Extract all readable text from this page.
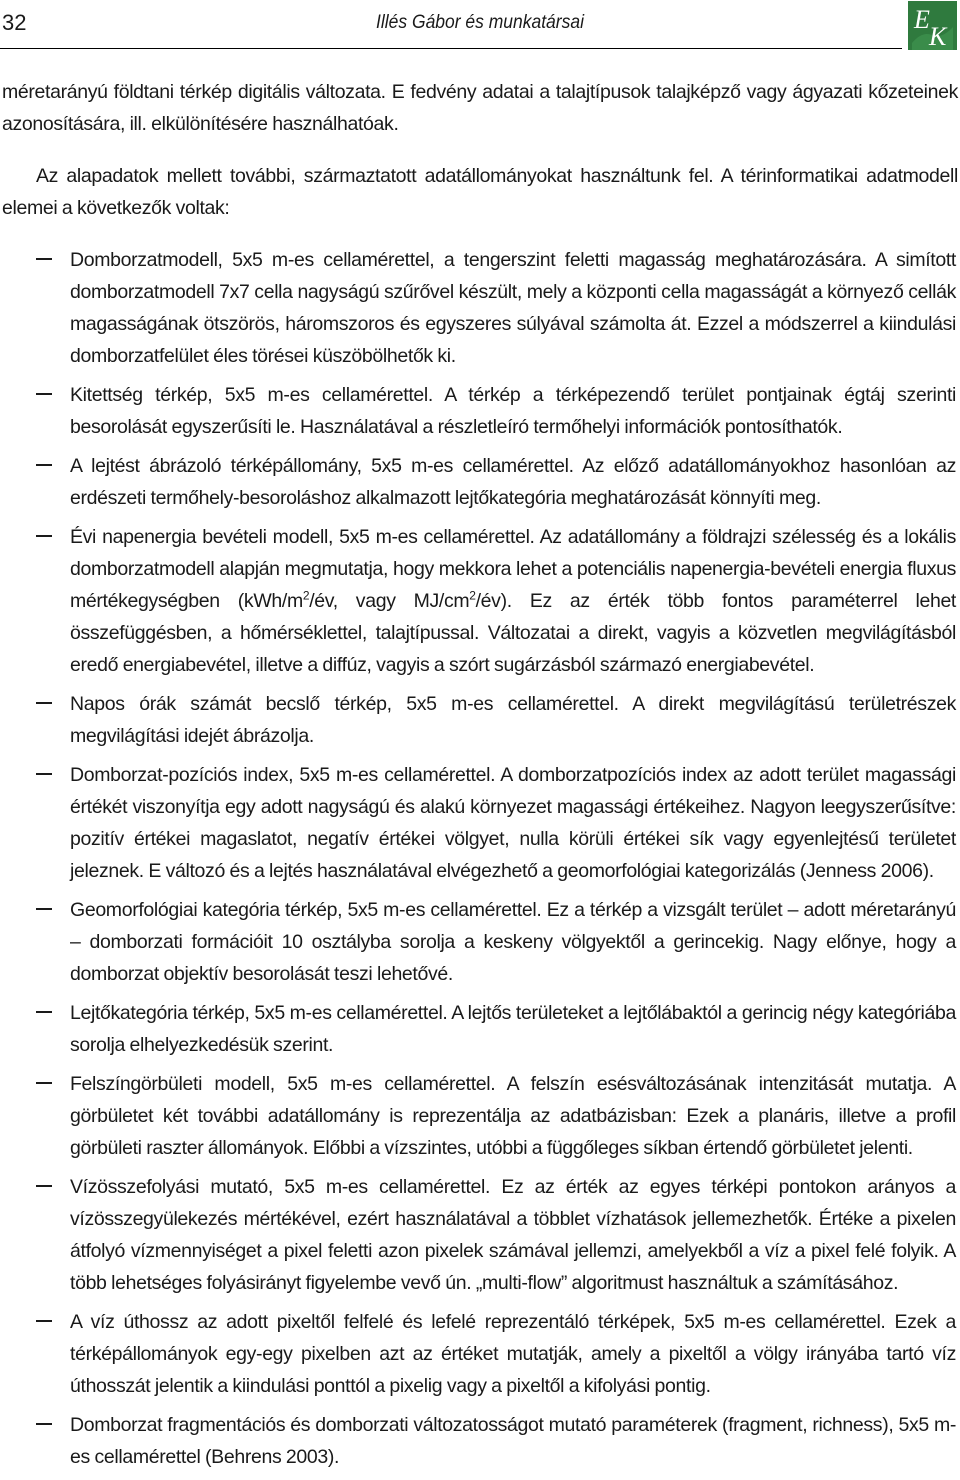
32	Illés Gábor és munkatársai	E
K

méretarányú földtani térkép digitális változata. E fedvény adatai a talajtípusok talajképző vagy ágyazati kőzeteinek azonosítására, ill. elkülönítésére használhatóak.

Az alapadatok mellett további, származtatott adatállományokat használtunk fel. A térinformatikai adatmodell elemei a következők voltak:

Domborzatmodell, 5x5 m-es cellamérettel, a tengerszint feletti magasság meghatározására. A simított domborzatmodell 7x7 cella nagyságú szűrővel készült, mely a központi cella magasságát a környező cellák magasságának ötszörös, háromszoros és egyszeres súlyával számolta át. Ezzel a módszerrel a kiindulási domborzatfelület éles törései küszöbölhetők ki.
Kitettség térkép, 5x5 m-es cellamérettel. A térkép a térképezendő terület pontjainak égtáj szerinti besorolását egyszerűsíti le. Használatával a részletleíró termőhelyi információk pontosíthatók.
A lejtést ábrázoló térképállomány, 5x5 m-es cellamérettel. Az előző adatállományokhoz hasonlóan az erdészeti termőhely-besoroláshoz alkalmazott lejtőkategória meghatározását könnyíti meg.
Évi napenergia bevételi modell, 5x5 m-es cellamérettel. Az adatállomány a földrajzi szélesség és a lokális domborzatmodell alapján megmutatja, hogy mekkora lehet a potenciális napenergia-bevételi energia fluxus mértékegységben ($kWh/m^2/év$, vagy $MJ/cm^2/év$). Ez az érték több fontos paraméterrel lehet összefüggésben, a hőmérséklettel, talajtípussal. Változatai a direkt, vagyis a közvetlen megvilágításból eredő energiabevétel, illetve a diffúz, vagyis a szórt sugárzásból származó energiabevétel.
Napos órák számát becslő térkép, 5x5 m-es cellamérettel. A direkt megvilágítású területrészek megvilágítási idejét ábrázolja.
Domborzat-pozíciós index, 5x5 m-es cellamérettel. A domborzatpozíciós index az adott terület magassági értékét viszonyítja egy adott nagyságú és alakú környezet magassági értékeihez. Nagyon leegyszerűsítve: pozitív értékei magaslatot, negatív értékei völgyet, nulla körüli értékei sík vagy egyenlejtésű területet jeleznek. E változó és a lejtés használatával elvégezhető a geomorfológiai kategorizálás (Jenness 2006).
Geomorfológiai kategória térkép, 5x5 m-es cellamérettel. Ez a térkép a vizsgált terület – adott méretarányú – domborzati formációit 10 osztályba sorolja a keskeny völgyektől a gerincekig. Nagy előnye, hogy a domborzat objektív besorolását teszi lehetővé.
Lejtőkategória térkép, 5x5 m-es cellamérettel. A lejtős területeket a lejtőlábaktól a gerincig négy kategóriába sorolja elhelyezkedésük szerint.
Felszíngörbületi modell, 5x5 m-es cellamérettel. A felszín esésváltozásának intenzitását mutatja. A görbületet két további adatállomány is reprezentálja az adatbázisban: Ezek a planáris, illetve a profil görbületi raszter állományok. Előbbi a vízszintes, utóbbi a függőleges síkban értendő görbületet jelenti.
Vízösszefolyási mutató, 5x5 m-es cellamérettel. Ez az érték az egyes térképi pontokon arányos a vízösszegyülekezés mértékével, ezért használatával a többlet vízhatások jellemezhetők. Értéke a pixelen átfolyó vízmennyiséget a pixel feletti azon pixelek számával jellemzi, amelyekből a víz a pixel felé folyik. A több lehetséges folyásirányt figyelembe vevő ún. „multi-flow” algoritmust használtuk a számításához.
A víz úthossz az adott pixeltől felfelé és lefelé reprezentáló térképek, 5x5 m-es cellamérettel. Ezek a térképállományok egy-egy pixelben azt az értéket mutatják, amely a pixeltől a völgy irányába tartó víz úthosszát jelentik a kiindulási ponttól a pixelig vagy a pixeltől a kifolyási pontig.
Domborzat fragmentációs és domborzati változatosságot mutató paraméterek (fragment, richness), 5x5 m-es cellamérettel (Behrens 2003).
